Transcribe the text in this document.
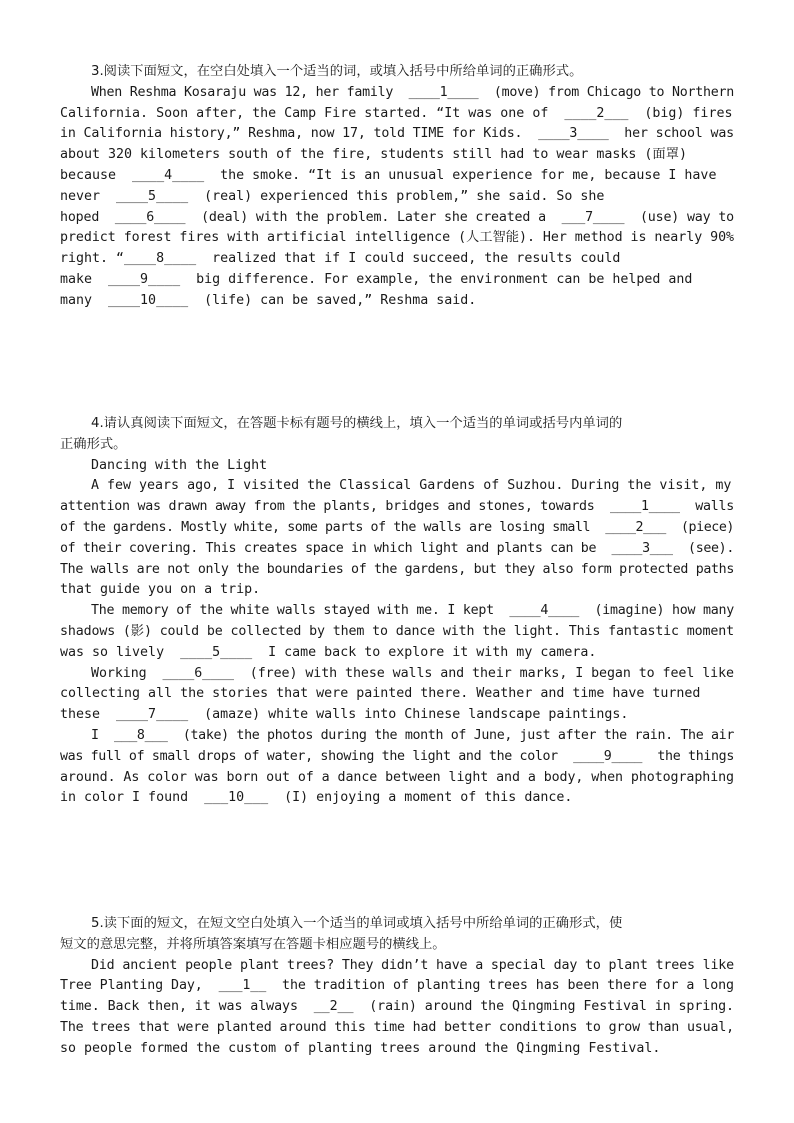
3.阅读下面短文，在空白处填入一个适当的词，或填入括号中所给单词的正确形式。
When Reshma Kosaraju was 12, her family  ____1____  (move) from Chicago to Northern
California. Soon after, the Camp Fire started. “It was one of  ____2___  (big) fires
in California history,” Reshma, now 17, told TIME for Kids.  ____3____  her school was
about 320 kilometers south of the fire, students still had to wear masks (面罩)
because  ____4____  the smoke. “It is an unusual experience for me, because I have
never  ____5____  (real) experienced this problem,” she said. So she
hoped  ____6____  (deal) with the problem. Later she created a  ___7____  (use) way to
predict forest fires with artificial intelligence (人工智能). Her method is nearly 90%
right. “____8____  realized that if I could succeed, the results could
make  ____9____  big difference. For example, the environment can be helped and
many  ____10____  (life) can be saved,” Reshma said.
4.请认真阅读下面短文，在答题卡标有题号的横线上，填入一个适当的单词或括号内单词的
正确形式。
Dancing with the Light
A few years ago, I visited the Classical Gardens of Suzhou. During the visit, my
attention was drawn away from the plants, bridges and stones, towards  ____1____  walls
of the gardens. Mostly white, some parts of the walls are losing small  ____2___  (piece)
of their covering. This creates space in which light and plants can be  ____3___  (see).
The walls are not only the boundaries of the gardens, but they also form protected paths
that guide you on a trip.
The memory of the white walls stayed with me. I kept  ____4____  (imagine) how many
shadows (影) could be collected by them to dance with the light. This fantastic moment
was so lively  ____5____  I came back to explore it with my camera.
Working  ____6____  (free) with these walls and their marks, I began to feel like
collecting all the stories that were painted there. Weather and time have turned
these  ____7____  (amaze) white walls into Chinese landscape paintings.
I  ___8___  (take) the photos during the month of June, just after the rain. The air
was full of small drops of water, showing the light and the color  ____9____  the things
around. As color was born out of a dance between light and a body, when photographing
in color I found  ___10___  (I) enjoying a moment of this dance.
5.读下面的短文，在短文空白处填入一个适当的单词或填入括号中所给单词的正确形式，使
短文的意思完整，并将所填答案填写在答题卡相应题号的横线上。
Did ancient people plant trees? They didn’t have a special day to plant trees like
Tree Planting Day,  ___1__  the tradition of planting trees has been there for a long
time. Back then, it was always  __2__  (rain) around the Qingming Festival in spring.
The trees that were planted around this time had better conditions to grow than usual,
so people formed the custom of planting trees around the Qingming Festival.
